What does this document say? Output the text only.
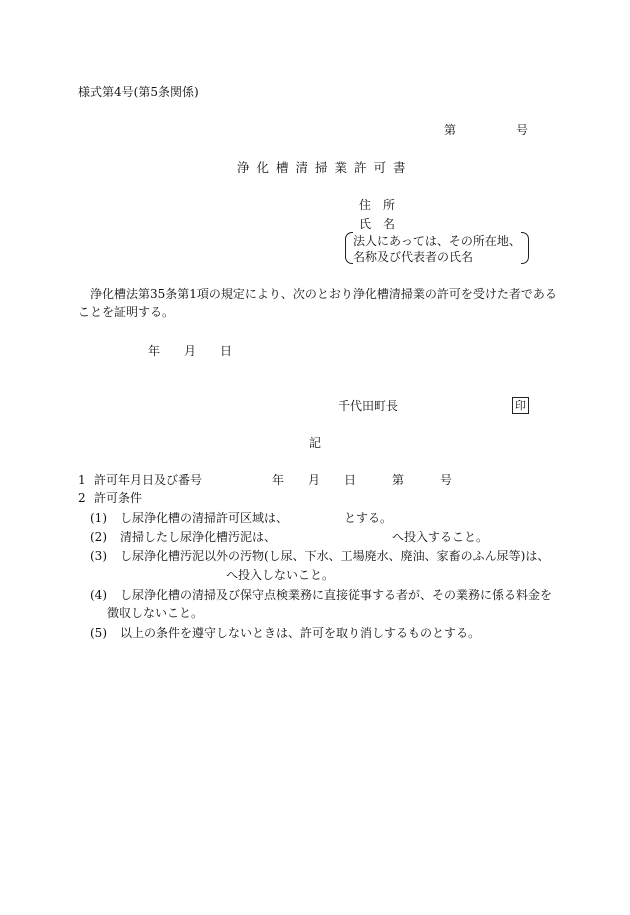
様式第4号(第5条関係)
第	号
浄化槽清掃業許可書
住　所
氏　名
法人にあっては、その所在地、
名称及び代表者の氏名
浄化槽法第35条第1項の規定により、次のとおり浄化槽清掃業の許可を受けた者である
ことを証明する。
年 月 日
千代田町長	印
記
1 許可年月日及び番号	年 月 日	第	号
2 許可条件
(1) し尿浄化槽の清掃許可区域は、	とする。
(2) 清掃したし尿浄化槽汚泥は、	へ投入すること。
(3) し尿浄化槽汚泥以外の汚物(し尿、下水、工場廃水、廃油、家畜のふん尿等)は、
へ投入しないこと。
(4) し尿浄化槽の清掃及び保守点検業務に直接従事する者が、その業務に係る料金を
徴収しないこと。
(5) 以上の条件を遵守しないときは、許可を取り消しするものとする。
